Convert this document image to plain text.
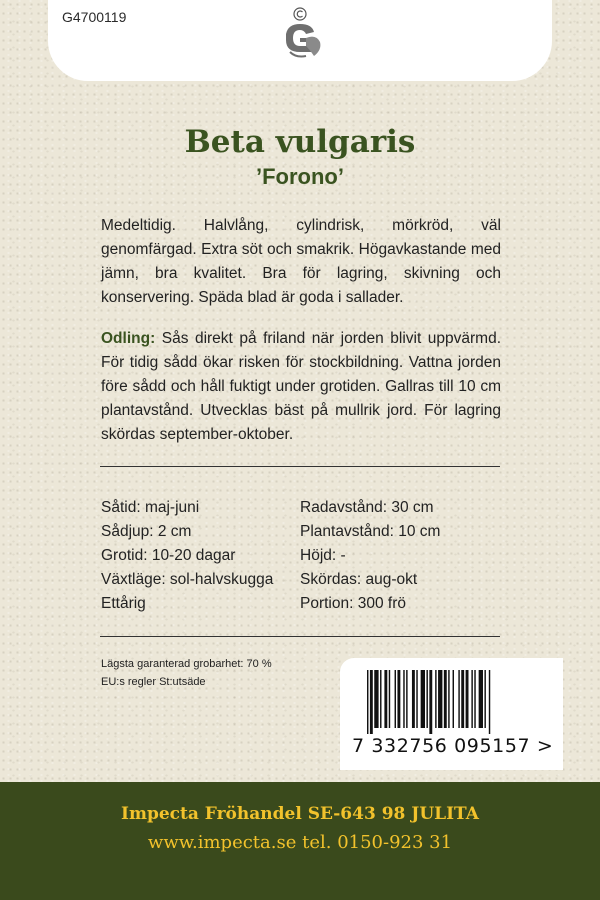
G4700119
Beta vulgaris
’Forono’

Medeltidig. Halvlång, cylindrisk, mörkröd, väl genomfärgad. Extra söt och smakrik. Högavkastande med jämn, bra kvalitet. Bra för lagring, skivning och konservering. Späda blad är goda i sallader.

Odling: Sås direkt på friland när jorden blivit uppvärmd. För tidig sådd ökar risken för stockbildning. Vattna jorden före sådd och håll fuktigt under grotiden. Gallras till 10 cm plantavstånd. Utvecklas bäst på mullrik jord. För lagring skördas september-oktober.

Såtid: maj-juni
Sådjup: 2 cm
Grotid: 10-20 dagar
Växtläge: sol-halvskugga
Ettårig
Radavstånd: 30 cm
Plantavstånd: 10 cm
Höjd: -
Skördas: aug-okt
Portion: 300 frö
Lägsta garanterad grobarhet: 70 %
EU:s regler St:utsäde
7 332756 095157 >

Impecta Fröhandel SE-643 98 JULITA

www.impecta.se tel. 0150-923 31
